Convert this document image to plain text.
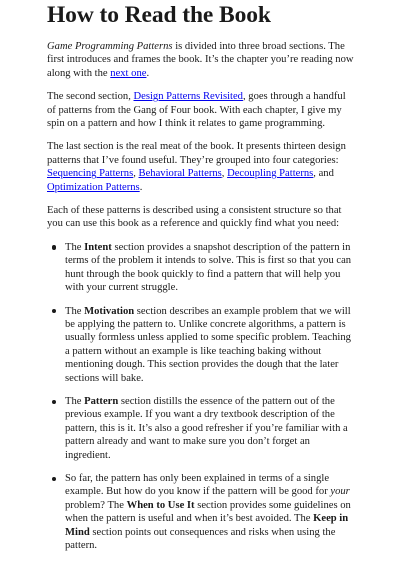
How to Read the Book

Game Programming Patterns is divided into three broad sections. The first introduces and frames the book. It’s the chapter you’re reading now along with the next one.

The second section, Design Patterns Revisited, goes through a handful of patterns from the Gang of Four book. With each chapter, I give my spin on a pattern and how I think it relates to game programming.

The last section is the real meat of the book. It presents thirteen design patterns that I’ve found useful. They’re grouped into four categories: Sequencing Patterns, Behavioral Patterns, Decoupling Patterns, and Optimization Patterns.

Each of these patterns is described using a consistent structure so that you can use this book as a reference and quickly find what you need:

The Intent section provides a snapshot description of the pattern in terms of the problem it intends to solve. This is first so that you can hunt through the book quickly to find a pattern that will help you with your current struggle.
The Motivation section describes an example problem that we will be applying the pattern to. Unlike concrete algorithms, a pattern is usually formless unless applied to some specific problem. Teaching a pattern without an example is like teaching baking without mentioning dough. This section provides the dough that the later sections will bake.
The Pattern section distills the essence of the pattern out of the previous example. If you want a dry textbook description of the pattern, this is it. It’s also a good refresher if you’re familiar with a pattern already and want to make sure you don’t forget an ingredient.
So far, the pattern has only been explained in terms of a single example. But how do you know if the pattern will be good for your problem? The When to Use It section provides some guidelines on when the pattern is useful and when it’s best avoided. The Keep in Mind section points out consequences and risks when using the pattern.
